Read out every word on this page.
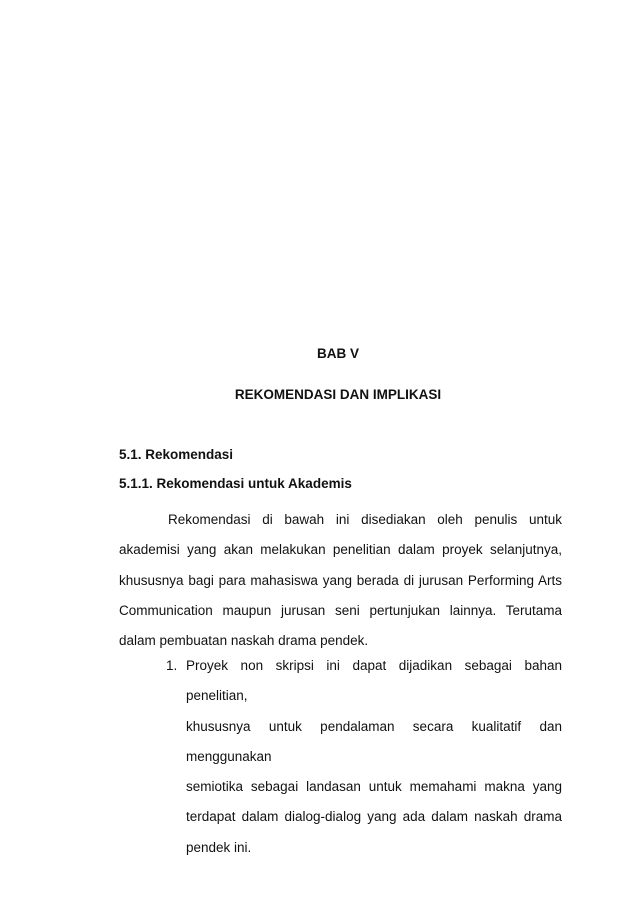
BAB V

REKOMENDASI DAN IMPLIKASI

5.1. Rekomendasi

5.1.1. Rekomendasi untuk Akademis

Rekomendasi di bawah ini disediakan oleh penulis untuk akademisi yang akan melakukan penelitian dalam proyek selanjutnya, khususnya bagi para mahasiswa yang berada di jurusan Performing Arts Communication maupun jurusan seni pertunjukan lainnya. Terutama dalam pembuatan naskah drama pendek.

1. Proyek non skripsi ini dapat dijadikan sebagai bahan penelitian,
khususnya untuk pendalaman secara kualitatif dan menggunakan
semiotika sebagai landasan untuk memahami makna yang
terdapat dalam dialog-dialog yang ada dalam naskah drama
pendek ini.
